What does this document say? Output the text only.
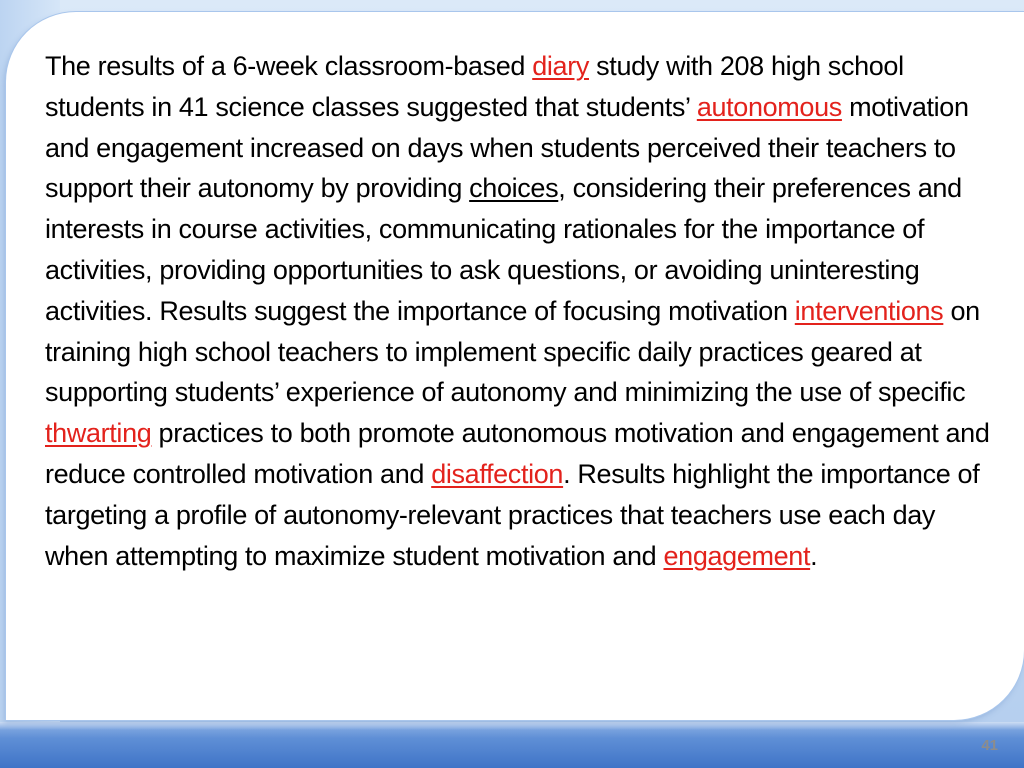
The results of a 6-week classroom-based diary study with 208 high school students in 41 science classes suggested that students’ autonomous motivation and engagement increased on days when students perceived their teachers to support their autonomy by providing choices, considering their preferences and interests in course activities, communicating rationales for the importance of activities, providing opportunities to ask questions, or avoiding uninteresting activities. Results suggest the importance of focusing motivation interventions on training high school teachers to implement specific daily practices geared at supporting students’ experience of autonomy and minimizing the use of specific thwarting practices to both promote autonomous motivation and engagement and reduce controlled motivation and disaffection. Results highlight the importance of targeting a profile of autonomy-relevant practices that teachers use each day when attempting to maximize student motivation and engagement.

41
